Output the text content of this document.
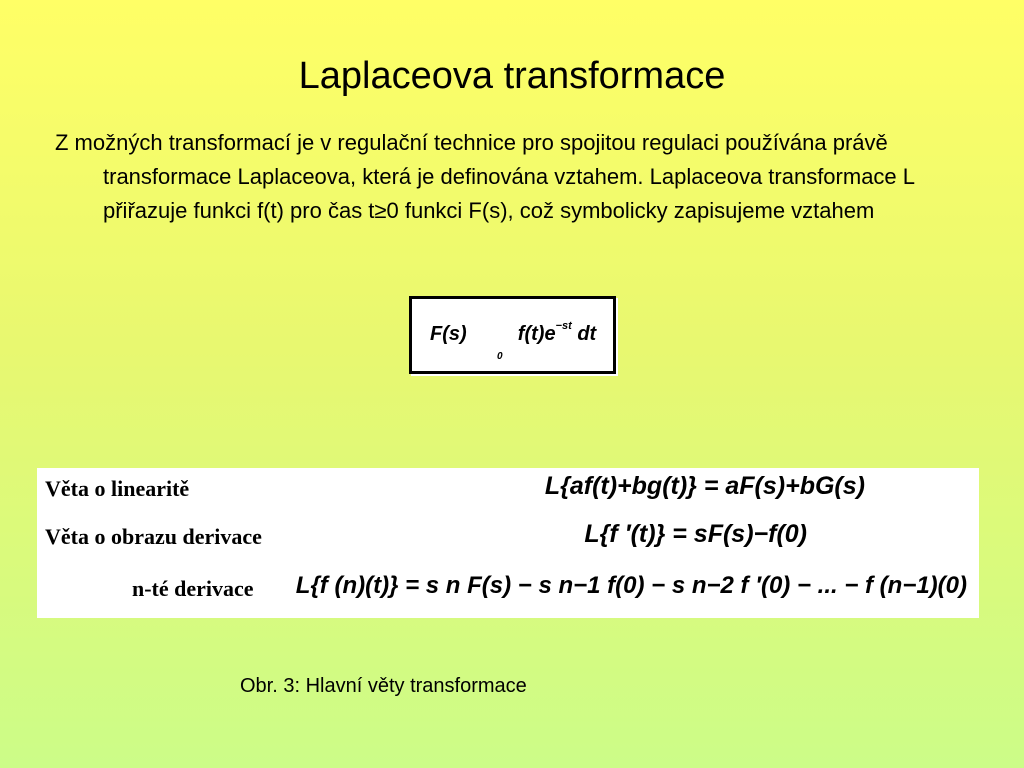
Laplaceova transformace
Z možných transformací je v regulační technice pro spojitou regulaci používána právě transformace Laplaceova, která je definována vztahem. Laplaceova transformace L přiřazuje funkci f(t) pro čas t≥0 funkci F(s), což symbolicky zapisujeme vztahem
F(s)	$f(t)e^{-st}$ dt
0
Věta o linearitě	L{af(t)+bg(t)} = aF(s)+bG(s)
Věta o obrazu derivace	L{f ′(t)} = sF(s)−f(0)
n-té derivace L{f (n)(t)} = s n F(s) − s n−1 f(0) − s n−2 f ′(0) − ... − f (n−1)(0)
Obr. 3: Hlavní věty transformace
